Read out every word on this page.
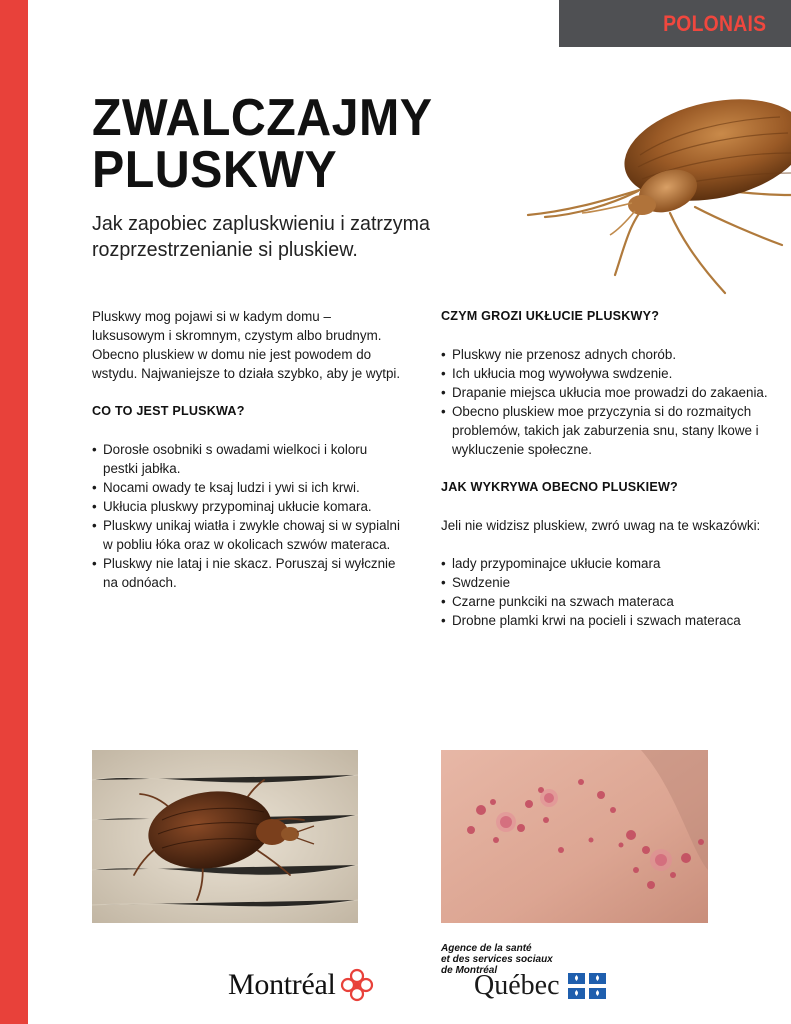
POLONAIS
ZWALCZAJMY
PLUSKWY
Jak zapobiec zapluskwieniu i zatrzyma rozprzestrzenianie si pluskiew.

Pluskwy mog pojawi si w kadym domu – luksusowym i skromnym, czystym albo brudnym. Obecno pluskiew w domu nie jest powodem do wstydu. Najwaniejsze to działa szybko, aby je wytpi.

CO TO JEST PLUSKWA?
• Dorosłe osobniki s owadami wielkoci i koloru pestki jabłka.
• Nocami owady te ksaj ludzi i ywi si ich krwi.
• Ukłucia pluskwy przypominaj ukłucie komara.
• Pluskwy unikaj wiatła i zwykle chowaj si w sypialni w pobliu łóka oraz w okolicach szwów materaca.
• Pluskwy nie lataj i nie skacz. Poruszaj si wyłcznie na odnóach.
CZYM GROZI UKŁUCIE PLUSKWY?
• Pluskwy nie przenosz adnych chorób.
• Ich ukłucia mog wywoływa swdzenie.
• Drapanie miejsca ukłucia moe prowadzi do zakaenia.
• Obecno pluskiew moe przyczynia si do rozmaitych problemów, takich jak zaburzenia snu, stany lkowe i wykluczenie społeczne.
JAK WYKRYWA OBECNO PLUSKIEW?

Jeli nie widzisz pluskiew, zwró uwag na te wskazówki:

• lady przypominajce ukłucie komara
• Swdzenie
• Czarne punkciki na szwach materaca
• Drobne plamki krwi na pocieli i szwach materaca
Montréal
Agence de la santé
et des services sociaux
de Montréal
Québec
